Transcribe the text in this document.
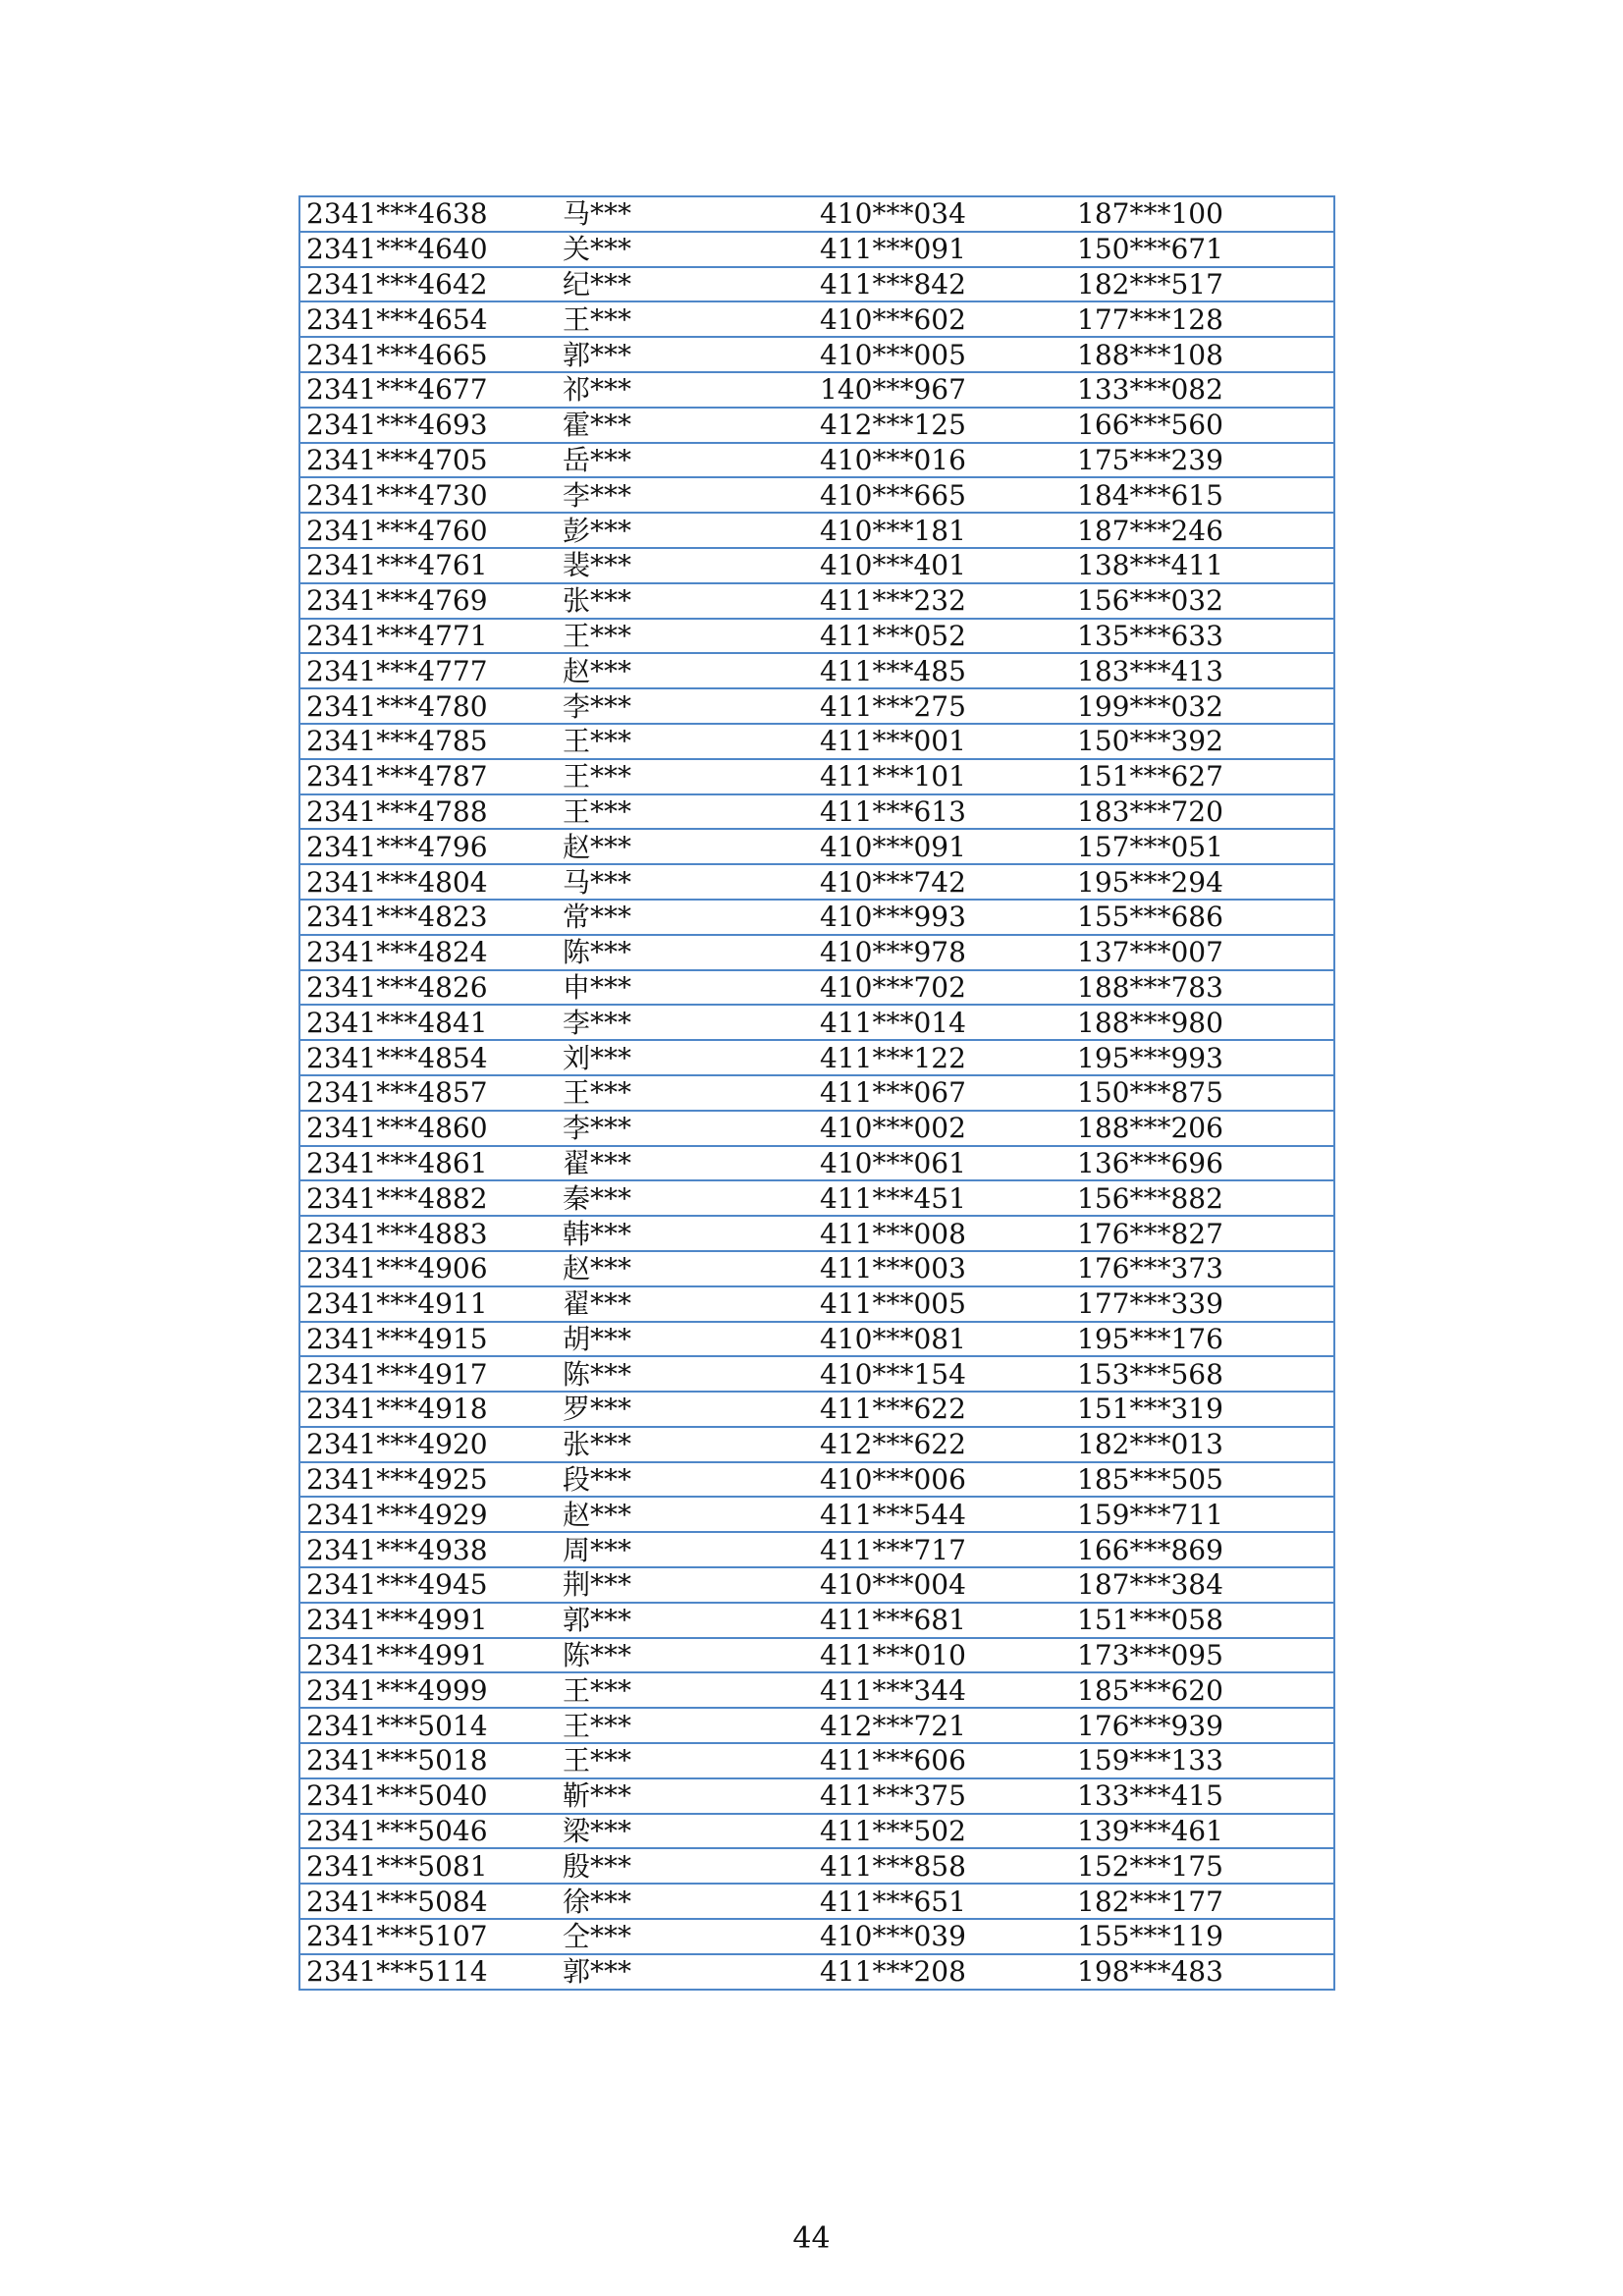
2341***4638	马***	410***034	187***100
2341***4640	关***	411***091	150***671
2341***4642	纪***	411***842	182***517
2341***4654	王***	410***602	177***128
2341***4665	郭***	410***005	188***108
2341***4677	祁***	140***967	133***082
2341***4693	霍***	412***125	166***560
2341***4705	岳***	410***016	175***239
2341***4730	李***	410***665	184***615
2341***4760	彭***	410***181	187***246
2341***4761	裴***	410***401	138***411
2341***4769	张***	411***232	156***032
2341***4771	王***	411***052	135***633
2341***4777	赵***	411***485	183***413
2341***4780	李***	411***275	199***032
2341***4785	王***	411***001	150***392
2341***4787	王***	411***101	151***627
2341***4788	王***	411***613	183***720
2341***4796	赵***	410***091	157***051
2341***4804	马***	410***742	195***294
2341***4823	常***	410***993	155***686
2341***4824	陈***	410***978	137***007
2341***4826	申***	410***702	188***783
2341***4841	李***	411***014	188***980
2341***4854	刘***	411***122	195***993
2341***4857	王***	411***067	150***875
2341***4860	李***	410***002	188***206
2341***4861	翟***	410***061	136***696
2341***4882	秦***	411***451	156***882
2341***4883	韩***	411***008	176***827
2341***4906	赵***	411***003	176***373
2341***4911	翟***	411***005	177***339
2341***4915	胡***	410***081	195***176
2341***4917	陈***	410***154	153***568
2341***4918	罗***	411***622	151***319
2341***4920	张***	412***622	182***013
2341***4925	段***	410***006	185***505
2341***4929	赵***	411***544	159***711
2341***4938	周***	411***717	166***869
2341***4945	荆***	410***004	187***384
2341***4991	郭***	411***681	151***058
2341***4991	陈***	411***010	173***095
2341***4999	王***	411***344	185***620
2341***5014	王***	412***721	176***939
2341***5018	王***	411***606	159***133
2341***5040	靳***	411***375	133***415
2341***5046	梁***	411***502	139***461
2341***5081	殷***	411***858	152***175
2341***5084	徐***	411***651	182***177
2341***5107	仝***	410***039	155***119
2341***5114	郭***	411***208	198***483
44
